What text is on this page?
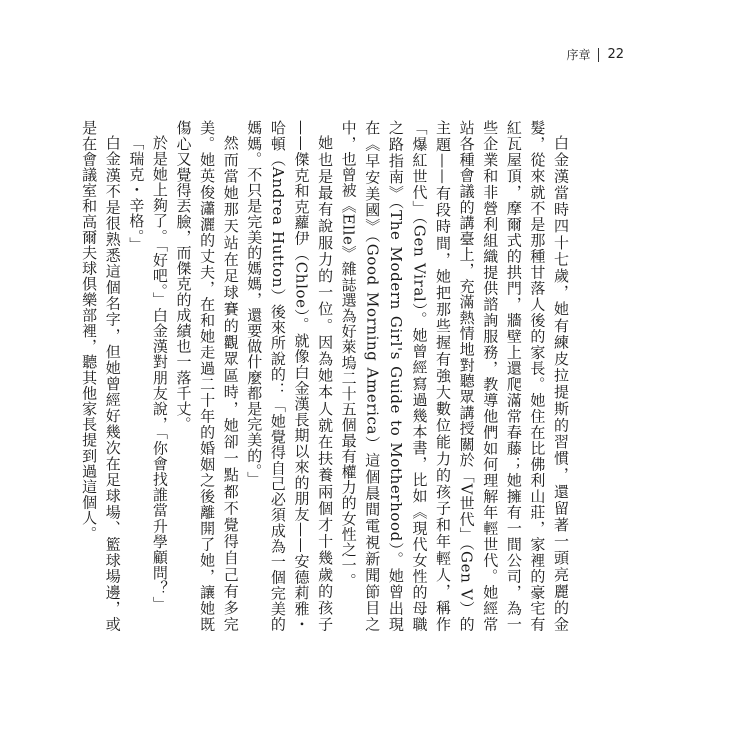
序章 22

白金漢當時四十七歲，她有練皮拉提斯的習慣，還留著一頭亮麗的金髮，從來就不是那種甘落人後的家長。她住在比佛利山莊，家裡的豪宅有紅瓦屋頂，摩爾式的拱門，牆壁上還爬滿常春藤；她擁有一間公司，為一些企業和非營利組織提供諮詢服務，教導他們如何理解年輕世代。她經常站各種會議的講臺上，充滿熱情地對聽眾講授關於「V世代」（Gen V）的主題——有段時間，她把那些握有強大數位能力的孩子和年輕人，稱作「爆紅世代」（Gen Viral）。她曾經寫過幾本書，比如《現代女性的母職之路指南》（The Modern Girl's Guide to Motherhood）。她曾出現在《早安美國》（Good Morning America）這個晨間電視新聞節目之中，也曾被《Elle》雜誌選為好萊塢二十五個最有權力的女性之一。

她也是最有說服力的一位。因為她本人就在扶養兩個才十幾歲的孩子——傑克和克蘿伊（Chloe）。就像白金漢長期以來的朋友——安德莉雅・哈頓（Andrea Hutton）後來所說的：「她覺得自己必須成為一個完美的媽媽。不只是完美的媽媽，還要做什麼都是完美的。」

然而當她那天站在足球賽的觀眾區時，她卻一點都不覺得自己有多完美。她英俊瀟灑的丈夫，在和她走過二十年的婚姻之後離開了她，讓她既傷心又覺得丟臉，而傑克的成績也一落千丈。

於是她上夠了。「好吧。」白金漢對朋友說，「你會找誰當升學顧問？」

「瑞克・辛格。」

白金漢不是很熟悉這個名字，但她曾經好幾次在足球場、籃球場邊，或是在會議室和高爾夫球俱樂部裡，聽其他家長提到過這個人。
